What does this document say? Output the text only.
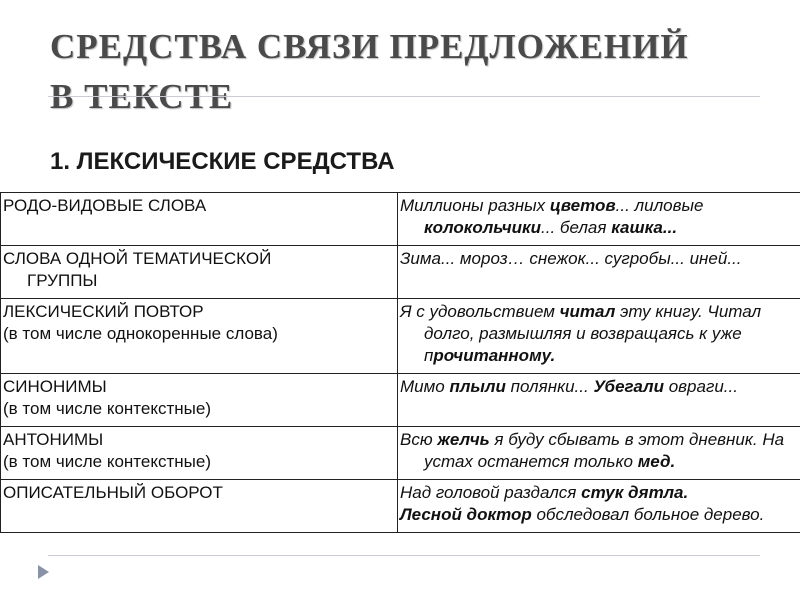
СРЕДСТВА СВЯЗИ ПРЕДЛОЖЕНИЙ
В ТЕКСТЕ
1. ЛЕКСИЧЕСКИЕ СРЕДСТВА
РОДО-ВИДОВЫЕ СЛОВА	Миллионы разных цветов... лиловые колокольчики... белая кашка...

СЛОВА ОДНОЙ ТЕМАТИЧЕСКОЙ
ГРУППЫ	Зима... мороз… снежок... сугробы... иней...

ЛЕКСИЧЕСКИЙ ПОВТОР
(в том числе однокоренные слова)	Я с удовольствием читал эту книгу. Читал долго, размышляя и возвращаясь к уже прочитанному.

СИНОНИМЫ
(в том числе контекстные)	Мимо плыли полянки... Убегали овраги...

АНТОНИМЫ
(в том числе контекстные)	Всю желчь я буду сбывать в этот дневник. На устах останется только мед.

ОПИСАТЕЛЬНЫЙ ОБОРОТ	Над головой раздался стук дятла.
Лесной доктор обследовал больное дерево.
